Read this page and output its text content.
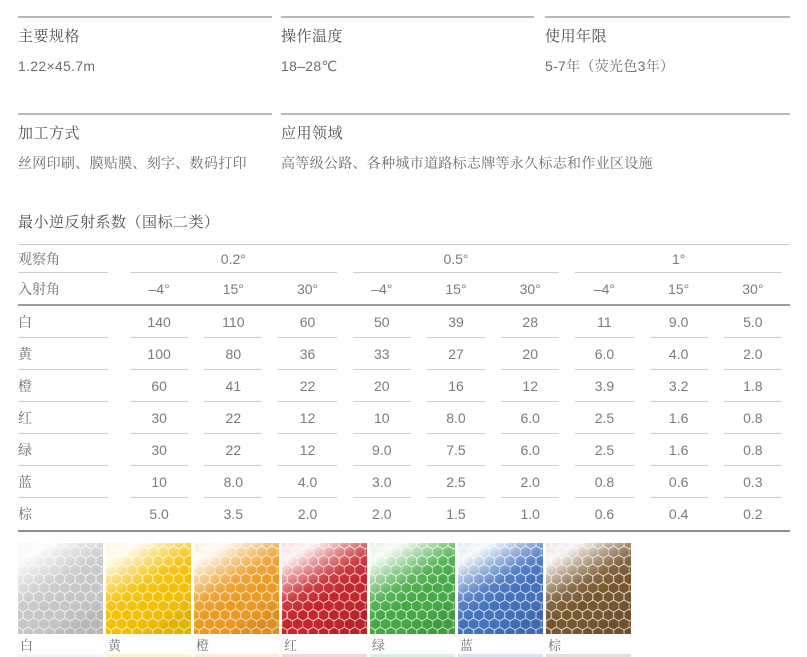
主要规格
1.22×45.7m
操作温度
18–28℃
使用年限
5-7年（荧光色3年）
加工方式
丝网印刷、膜贴膜、刻字、数码打印
应用领域
高等级公路、各种城市道路标志牌等永久标志和作业区设施
最小逆反射系数（国标二类）
观察角	0.2°	0.5°	1°
入射角	–4°	15°	30°	–4°	15°	30°	–4°	15°	30°
白	140	110	60	50	39	28	11	9.0	5.0
黄	100	80	36	33	27	20	6.0	4.0	2.0
橙	60	41	22	20	16	12	3.9	3.2	1.8
红	30	22	12	10	8.0	6.0	2.5	1.6	0.8
绿	30	22	12	9.0	7.5	6.0	2.5	1.6	0.8
蓝	10	8.0	4.0	3.0	2.5	2.0	0.8	0.6	0.3
棕	5.0	3.5	2.0	2.0	1.5	1.0	0.6	0.4	0.2
白	黄	橙	红	绿	蓝	棕
